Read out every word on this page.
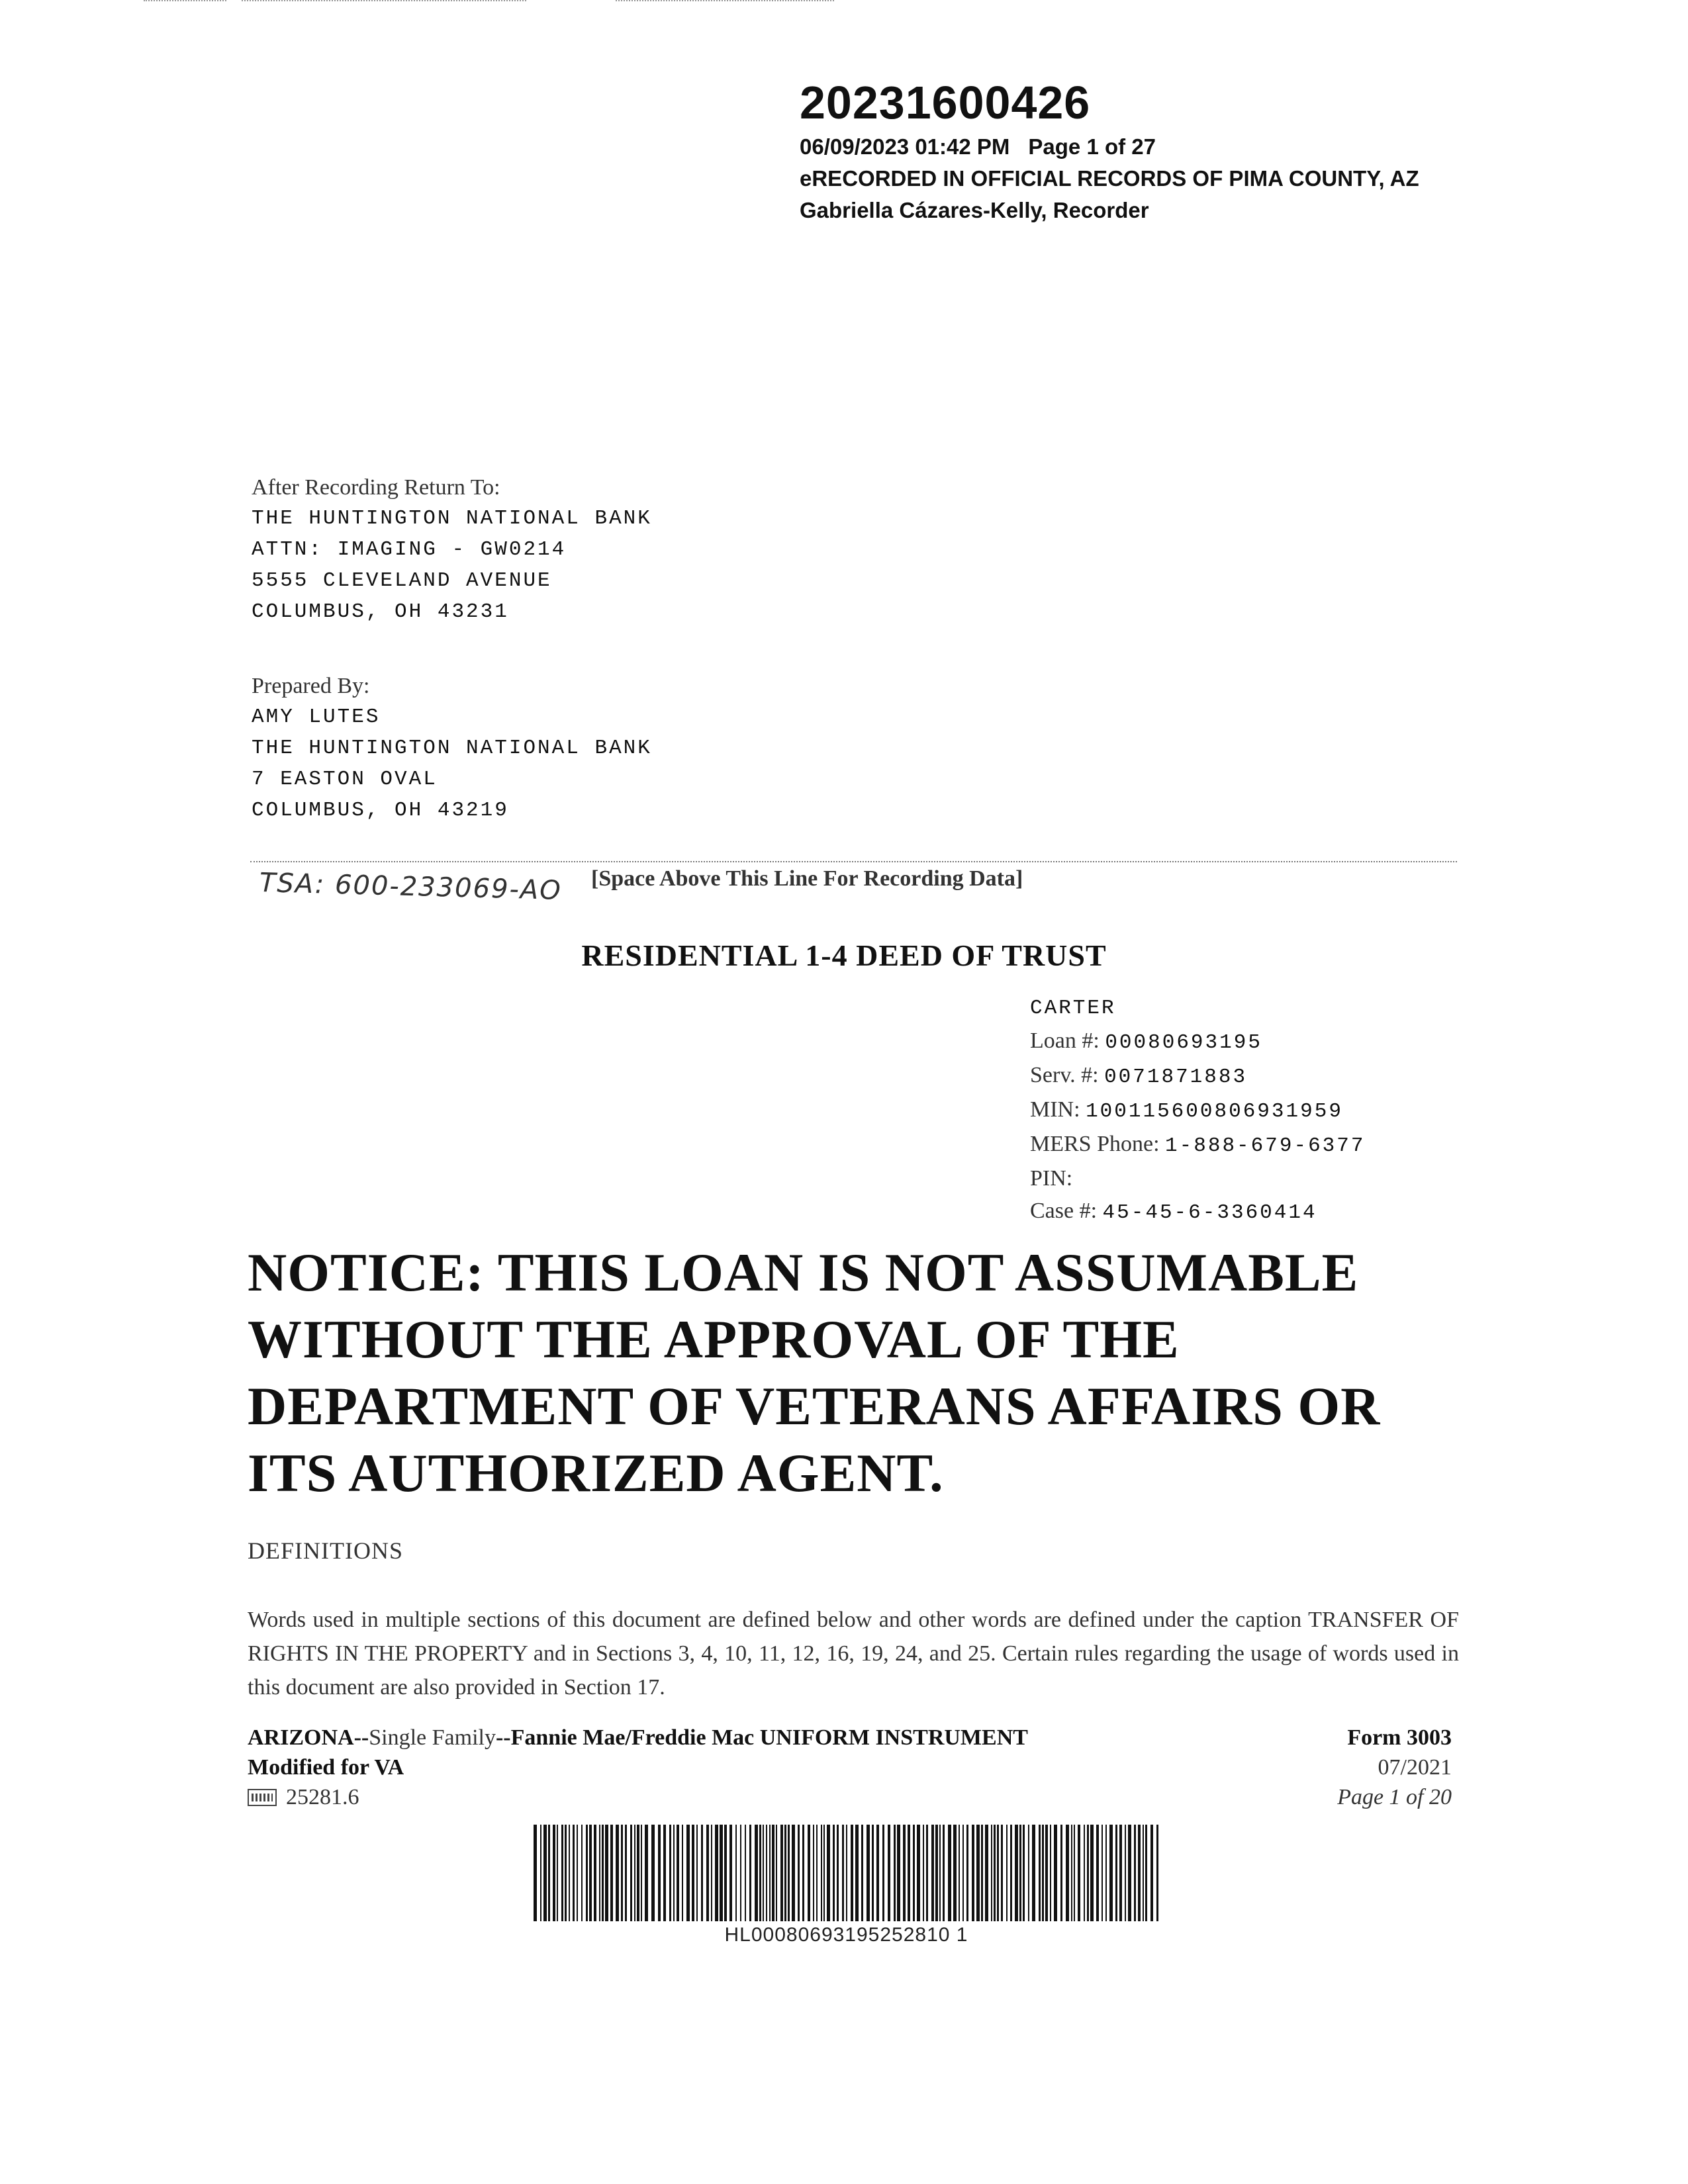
20231600426
06/09/2023 01:42 PM Page 1 of 27
eRECORDED IN OFFICIAL RECORDS OF PIMA COUNTY, AZ
Gabriella Cázares-Kelly, Recorder
After Recording Return To:
THE HUNTINGTON NATIONAL BANK
ATTN: IMAGING - GW0214
5555 CLEVELAND AVENUE
COLUMBUS, OH 43231
Prepared By:
AMY LUTES
THE HUNTINGTON NATIONAL BANK
7 EASTON OVAL
COLUMBUS, OH 43219
TSA: 600-233069-AO [Space Above This Line For Recording Data]
RESIDENTIAL 1-4 DEED OF TRUST
CARTER
Loan #: 00080693195
Serv. #: 0071871883
MIN: 100115600806931959
MERS Phone: 1-888-679-6377
PIN:
Case #: 45-45-6-3360414
NOTICE: THIS LOAN IS NOT ASSUMABLE WITHOUT THE APPROVAL OF THE DEPARTMENT OF VETERANS AFFAIRS OR ITS AUTHORIZED AGENT.
DEFINITIONS
Words used in multiple sections of this document are defined below and other words are defined under the caption TRANSFER OF RIGHTS IN THE PROPERTY and in Sections 3, 4, 10, 11, 12, 16, 19, 24, and 25. Certain rules regarding the usage of words used in this document are also provided in Section 17.
ARIZONA--Single Family--Fannie Mae/Freddie Mac UNIFORM INSTRUMENT
Modified for VA
25281.6
Form 3003
07/2021
Page 1 of 20
HL00080693195252810 1
